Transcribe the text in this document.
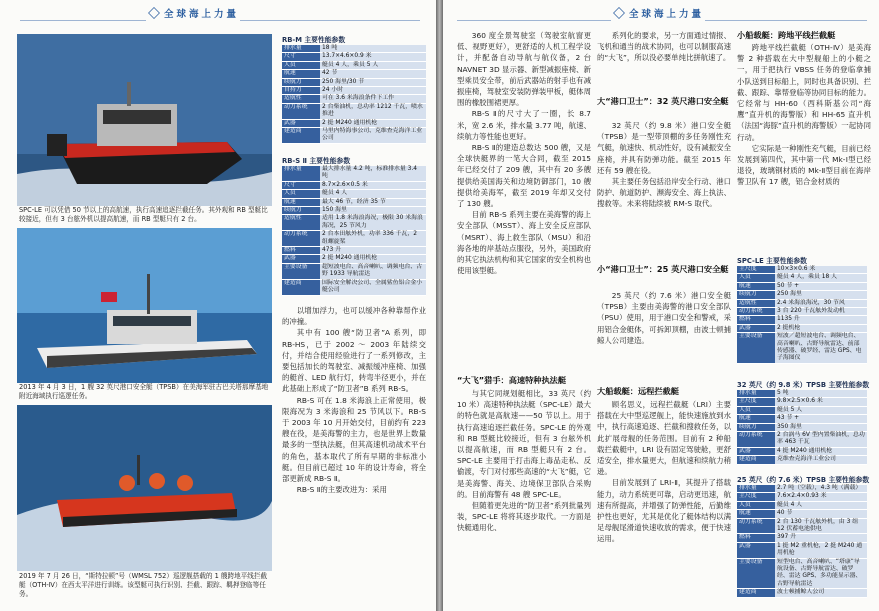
全球海上力量
SPC-LE 可以凭借 50 节以上的高航速，执行高速追逐拦截任务。其外观和 RB 型艇比较接近，但有 3 台舷外机以提高航速，而 RB 型艇只有 2 台。
2013 年 4 月 3 日，1 艘 32 英尺港口安全艇（TPSB）在美海军驻古巴关塔那摩基地附近海域执行巡逻任务。
2019 年 7 月 26 日，“斯特拉顿”号（WMSL 752）巡逻舰搭载的 1 艘跨地平线拦截艇（OTH-Ⅳ）在西太平洋进行训练。该型艇可执行识别、拦截、跟踪、羁押登临等任务。
RB-M 主要性能参数
排水量	18 吨
尺寸	13.7×4.6×0.9 米
人员	艇员 4 人，乘员 5 人
航速	42 节
续航力	250 海里/30 节
自持力	24 小时
适航性	可在 3.6 米海浪条件下工作
动力系统	2 台柴油机，总功率 1212 千瓦，喷水推进
武器	2 挺 M240 通用机枪
建造商	马里内特海事公司、克维查克海洋工业公司
RB-S Ⅱ 主要性能参数
排水量	最大排水量 4.2 吨，标准排水量 3.4 吨
尺寸	8.7×2.6×0.5 米
人员	艇员 4 人
航速	最大 46 节，经济 35 节
续航力	150 海里
适航性	适用 1.8 米海浪海况，极限 30 米海浪海况，25 节风力
动力系统	2 台本田舷外机，功率 336 千瓦，2 组螺旋桨
燃料	473 升
武器	2 挺 M240 通用机枪
主要设备	超短波电台、高音喇叭、调频电台、古野 1933 导航雷达
建造商	国际安全解决公司、全属鲨鱼铝合金小艇公司

以增加浮力，也可以缓冲各种靠帮作业的冲撞。

其中有 100 艘“防卫者”A 系列，即 RB-HS，已于 2002 ～ 2003 年陆续交付，并结合使用经验进行了一系列修改，主要包括加长的驾驶室、减振缓冲座椅、加强的艇首、LED 航行灯，转弯半径更小，并在此基础上形成了“防卫者”B 系列 RB-S。

RB-S 可在 1.8 米海浪上正常使用，极限海况为 3 米海浪和 25 节风以下。RB-S 于 2003 年 10 月开始交付，目前约有 223 艘在役，是美海警的主力，也是世界上数量最多的一型执法艇，但其高速机动战术平台的角色，基本取代了所有早期的非标准小艇。但目前已超过 10 年的设计寿命，将全部更新成 RB-S Ⅱ。

RB-S Ⅱ的主要改进为：采用

全球海上力量

360 度全景驾驶室（驾驶室航窗更低、视野更好），更舒适的人机工程学设计，并配备自动导航与航仪备，2 台 NAVNET 3D 显示器、新型减振座椅、新型乘员安全带，前后武器站的射手也有减振座椅，驾驶室安装防弹装甲板，艇体周围的橡胶围裙更厚。

RB-S Ⅱ的尺寸大了一圈，长 8.7 米，宽 2.6 米，排水量 3.77 吨，航速、续航力等性能也更好。

RB-S Ⅱ的建造总数达 500 艘，又是全球快艇界的一笔大合同，截至 2015 年已经交付了 209 艘，其中有 20 多艘提供给美国海关和边境防御部门，10 艘提供给美海军，截至 2019 年却又交付了 130 艘。

目前 RB-S 系列主要在美海警的海上安全部队（MSST）、海上安全反应部队（MSRT）、海上救生部队（MSU）和沿海各地的岸基站点服役，另外，美国政府的其它执法机构和其它国家的安全机构也使用该型艇。

“大飞”猎手：高速特种执法艇

与其它同规划艇相比，33 英尺（约 10 米）高速特种执法艇（SPC-LE）最大的特色就是高航速——50 节以上。用于执行高速追逐拦截任务。SPC-LE 的外观和 RB 型艇比较接近，但有 3 台舷外机以提高航速，而 RB 型艇只有 2 台。SPC-LE 主要用于打击海上毒品走私、反偷渡，专门对付那些高速的“大飞”艇，它是美海警、海关、边境保卫部队合采购的。目前海警有 48 艘 SPC-LE。

但随着更先进的“防卫者”系列批量列装，SPC-LE 将将其逐步取代。一方面是快艇通用化、

系列化的要求，另一方面通过情报、飞机和通当的战术协同，也可以制服高速的“大飞”，所以没必要单纯比拼航速了。

大“港口卫士”：32 英尺港口安全艇

32 英尺（约 9.8 米）港口安全艇（TPSB）是一型带顶棚的多任务刚性充气艇，航速快、机动性好，设有减振安全座椅，并具有防弹功能。截至 2015 年还有 59 艘在役。

其主要任务包括沿岸安全行动、港口防护、航道防护、濒海安全、海上执法、搜救等。未来将陆续被 RM-S 取代。

小“港口卫士”：25 英尺港口安全艇

25 英尺（约 7.6 米）港口安全艇（TPSB）主要由美海警的港口安全部队（PSU）使用，用于港口安全和警戒，采用铝合金艇体，可拆卸顶棚，由波士顿捕鲸人公司建造。

大船载艇：远程拦截艇

顾名思义，远程拦截艇（LRI）主要搭载在大中型巡逻舰上，能快速施放到水中，执行高速追逐、拦截和搜救任务，以此扩展母舰的任务范围。目前有 2 种船载拦截艇中，LRI 设有固定驾驶舱，更舒适安全，排水量更大，但航速和续航力稍逊。

目前发展到了 LRI-Ⅱ，其提升了搭载能力，动力系统更可靠，启动更迅速，航速有所提高，并增强了防弹性能，后勤维护性也更好，尤其是优化了艇体结构以满足母舰尾滑道快速收放的需求，便于快速运用。

小船载艇：跨地平线拦截艇

跨地平线拦截艇（OTH-Ⅳ）是美海警 2 种搭载在大中型舰船上的小艇之一，用于把执行 VBSS 任务的登临拿捕小队送到目标船上，同时也具备识别、拦截、跟踪、靠帮登临等协同目标的能力。它经常与 HH-60（西科斯基公司“海鹰”直升机的海警版）和 HH-65 直升机（法国“海豚”直升机的海警版）一起协同行动。

它实际是一种刚性充气艇，目前已经发展到第四代，其中第一代 Mk-Ⅰ型已经退役，玻璃钢材质的 Mk-Ⅱ型目前在海岸警卫队有 17 艘，铝合金材质的

SPC-LE 主要性能参数
主尺度	10×3×0.6 米
人员	艇员 4 人，乘员 18 人
航速	50 节 +
续航力	250 海里
适航性	2.4 米海浪海况，30 节风
动力系统	3 台 220 千瓦舷外发动机
燃料	1135 升
武器	2 挺机枪
主要设备	短波／超短波电台、调频电台、高音喇叭、古野导航雷达、前部传感器、破罗经、雷达 GPS、电子海图仪
32 英尺（约 9.8 米）TPSB 主要性能参数
排水量	5 吨
主尺度	9.8×2.5×0.6 米
人员	艇员 5 人
航速	43 节 +
续航力	350 海里
动力系统	2 台涡马 6V 型内置柴油机，总功率 463 千瓦
武器	4 挺 M240 通用机枪
建造商	克维查克海洋工业公司
25 英尺（约 7.6 米）TPSB 主要性能参数
排水量	2.7 吨（空载），4.3 吨（满载）
主尺度	7.6×2.4×0.93 米
人员	艇员 4 人
航速	40 节
动力系统	2 台 130 千瓦舷外机，由 3 组 12 伏蓄电池供电
燃料	397 升
武器	1 挺 M2 重机枪，2 挺 M240 通用机枪
主要设备	短型电台、高音喇叭、“塔康”导航设备、古野导航雷达、破罗经、雷达 GPS、多功能显示器、古野导航雷达
建造商	波士顿捕鲸人公司
